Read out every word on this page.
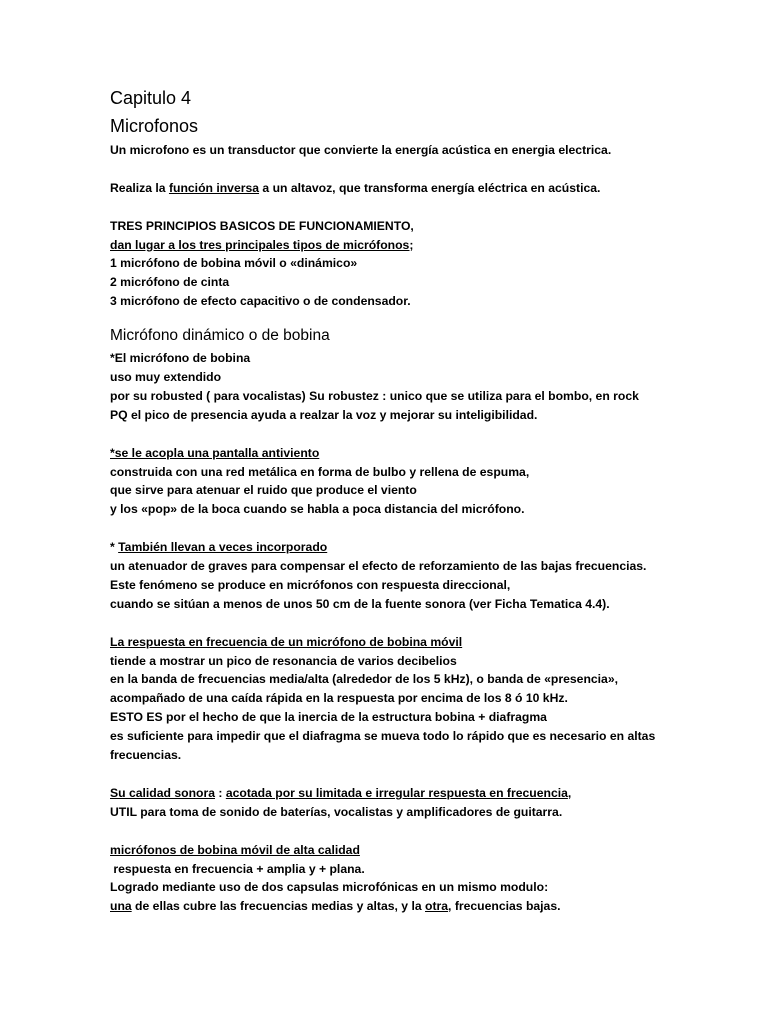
Capitulo 4
Microfonos

Un microfono es un transductor que convierte la energía acústica en energia electrica.

Realiza la función inversa a un altavoz, que transforma energía eléctrica en acústica.

TRES PRINCIPIOS BASICOS DE FUNCIONAMIENTO,

dan lugar a los tres principales tipos de micrófonos;

1 micrófono de bobina móvil o «dinámico»

2 micrófono de cinta

3 micrófono de efecto capacitivo o de condensador.

Micrófono dinámico o de bobina

*El micrófono de bobina

uso muy extendido

por su robusted ( para vocalistas) Su robustez : unico que se utiliza para el bombo, en rock

PQ el pico de presencia ayuda a realzar la voz y mejorar su inteligibilidad.

*se le acopla una pantalla antiviento

construida con una red metálica en forma de bulbo y rellena de espuma,

que sirve para atenuar el ruido que produce el viento

y los «pop» de la boca cuando se habla a poca distancia del micrófono.

* También llevan a veces incorporado

un atenuador de graves para compensar el efecto de reforzamiento de las bajas frecuencias.

Este fenómeno se produce en micrófonos con respuesta direccional,

cuando se sitúan a menos de unos 50 cm de la fuente sonora (ver Ficha Tematica 4.4).

La respuesta en frecuencia de un micrófono de bobina móvil

tiende a mostrar un pico de resonancia de varios decibelios

en la banda de frecuencias media/alta (alrededor de los 5 kHz), o banda de «presencia»,

acompañado de una caída rápida en la respuesta por encima de los 8 ó 10 kHz.

ESTO ES por el hecho de que la inercia de la estructura bobina + diafragma

es suficiente para impedir que el diafragma se mueva todo lo rápido que es necesario en altas

frecuencias.

Su calidad sonora : acotada por su limitada e irregular respuesta en frecuencia,

UTIL para toma de sonido de baterías, vocalistas y amplificadores de guitarra.

micrófonos de bobina móvil de alta calidad

respuesta en frecuencia + amplia y + plana.

Logrado mediante uso de dos capsulas microfónicas en un mismo modulo:

una de ellas cubre las frecuencias medias y altas, y la otra, frecuencias bajas.
